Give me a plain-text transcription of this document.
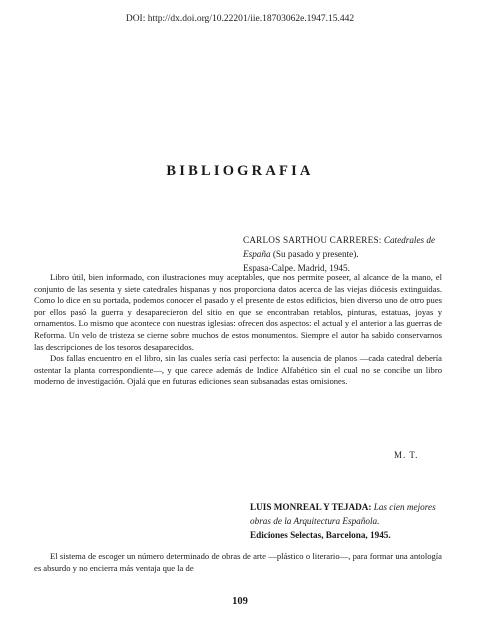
DOI: http://dx.doi.org/10.22201/iie.18703062e.1947.15.442
BIBLIOGRAFIA
CARLOS SARTHOU CARRERES: Catedrales de España (Su pasado y presente).
Espasa-Calpe. Madrid, 1945.

Libro útil, bien informado, con ilustraciones muy aceptables, que nos permite poseer, al alcance de la mano, el conjunto de las sesenta y siete catedrales hispanas y nos proporciona datos acerca de las viejas diócesis extinguidas. Como lo dice en su portada, podemos conocer el pasado y el presente de estos edificios, bien diverso uno de otro pues por ellos pasó la guerra y desaparecieron del sitio en que se encontraban retablos, pinturas, estatuas, joyas y ornamentos. Lo mismo que acontece con nuestras iglesias: ofrecen dos aspectos: el actual y el anterior a las guerras de Reforma. Un velo de tristeza se cierne sobre muchos de estos monumentos. Siempre el autor ha sabido conservarnos las descripciones de los tesoros desaparecidos.

Dos fallas encuentro en el libro, sin las cuales sería casi perfecto: la ausencia de planos —cada catedral debería ostentar la planta correspondiente—, y que carece además de Indice Alfabético sin el cual no se concibe un libro moderno de investigación. Ojalá que en futuras ediciones sean subsanadas estas omisiones.

M. T.
LUIS MONREAL Y TEJADA: Las cien mejores obras de la Arquitectura Española.
Ediciones Selectas, Barcelona, 1945.

El sistema de escoger un número determinado de obras de arte —plástico o literario—, para formar una antología es absurdo y no encierra más ventaja que la de

109
